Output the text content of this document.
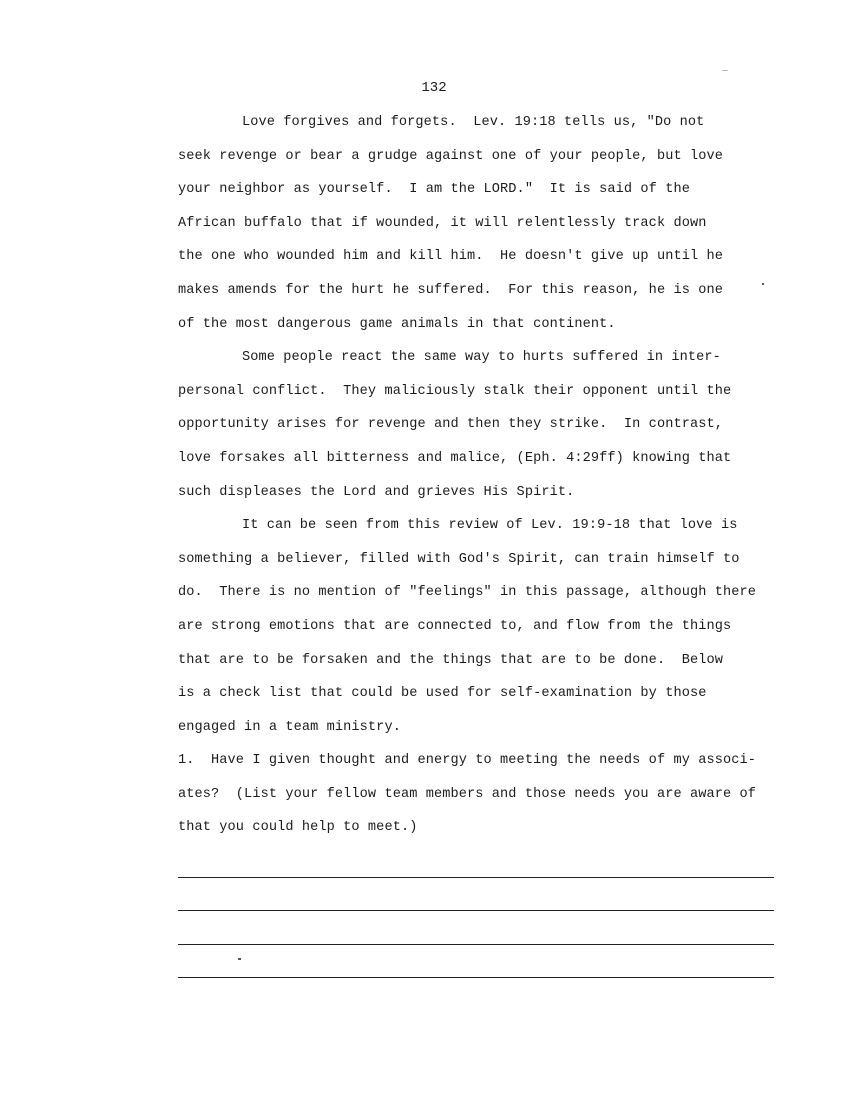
132
Love forgives and forgets.  Lev. 19:18 tells us, "Do not
seek revenge or bear a grudge against one of your people, but love
your neighbor as yourself.  I am the LORD."  It is said of the
African buffalo that if wounded, it will relentlessly track down
the one who wounded him and kill him.  He doesn't give up until he
makes amends for the hurt he suffered.  For this reason, he is one
of the most dangerous game animals in that continent.
Some people react the same way to hurts suffered in inter-
personal conflict.  They maliciously stalk their opponent until the
opportunity arises for revenge and then they strike.  In contrast,
love forsakes all bitterness and malice, (Eph. 4:29ff) knowing that
such displeases the Lord and grieves His Spirit.
It can be seen from this review of Lev. 19:9-18 that love is
something a believer, filled with God's Spirit, can train himself to
do.  There is no mention of "feelings" in this passage, although there
are strong emotions that are connected to, and flow from the things
that are to be forsaken and the things that are to be done.  Below
is a check list that could be used for self-examination by those
engaged in a team ministry.
1.  Have I given thought and energy to meeting the needs of my associ-
ates?  (List your fellow team members and those needs you are aware of
that you could help to meet.)
